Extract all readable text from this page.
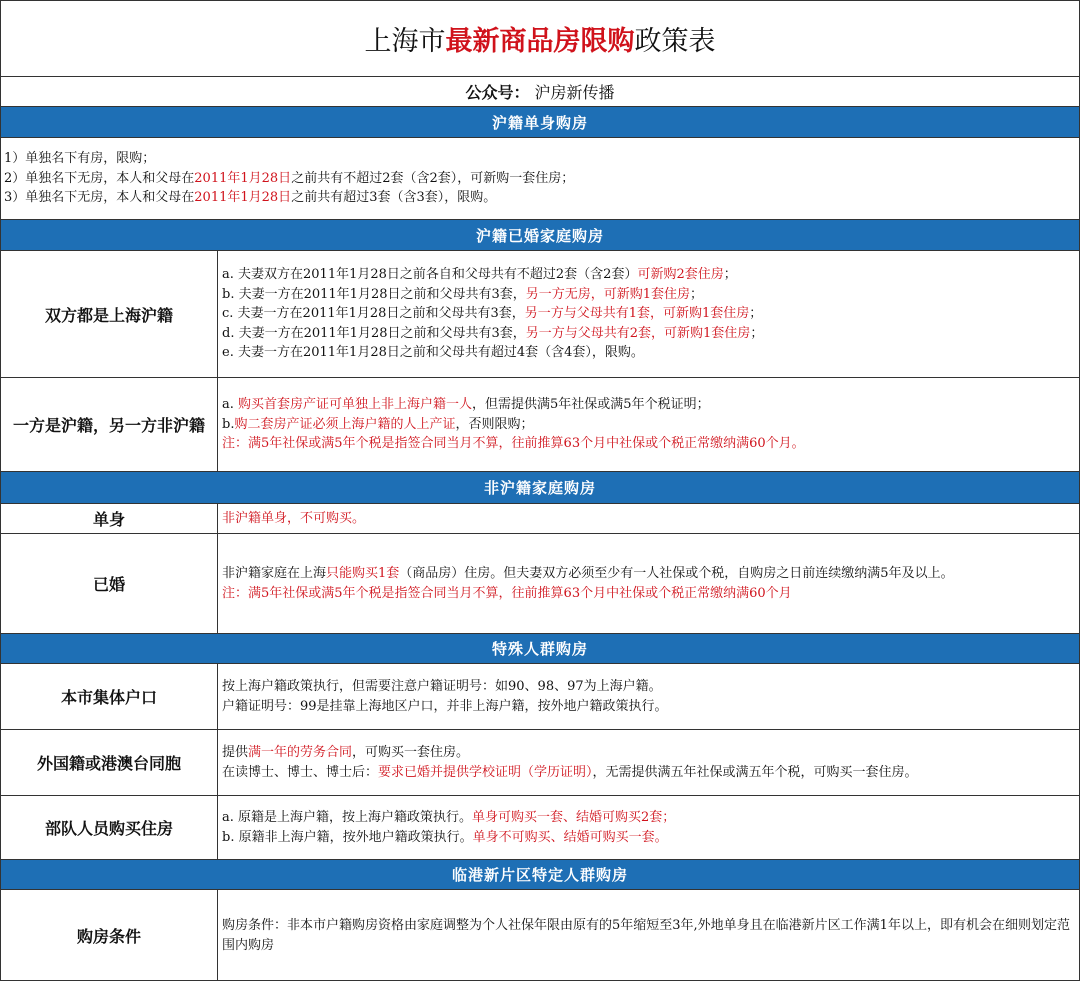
上海市 最新商品房限购 政策表
公众号：
沪房新传播
沪籍单身购房
1）单独名下有房，限购；
2）单独名下无房，本人和父母在2011年1月28日之前共有不超过2套（含2套），可新购一套住房；
3）单独名下无房，本人和父母在2011年1月28日之前共有超过3套（含3套），限购。
沪籍已婚家庭购房
双方都是上海沪籍
a. 夫妻双方在2011年1月28日之前各自和父母共有不超过2套（含2套）可新购2套住房；
b. 夫妻一方在2011年1月28日之前和父母共有3套，另一方无房，可新购1套住房；
c. 夫妻一方在2011年1月28日之前和父母共有3套，另一方与父母共有1套，可新购1套住房；
d. 夫妻一方在2011年1月28日之前和父母共有3套，另一方与父母共有2套，可新购1套住房；
e. 夫妻一方在2011年1月28日之前和父母共有超过4套（含4套），限购。
一方是沪籍，另一方非沪籍
a. 购买首套房产证可单独上非上海户籍一人，但需提供满5年社保或满5年个税证明；
b.购二套房产证必须上海户籍的人上产证，否则限购；
注：满5年社保或满5年个税是指签合同当月不算，往前推算63个月中社保或个税正常缴纳满60个月。
非沪籍家庭购房
单身	非沪籍单身，不可购买。
已婚
非沪籍家庭在上海只能购买1套（商品房）住房。但夫妻双方必须至少有一人社保或个税，自购房之日前连续缴纳满5年及以上。
注：满5年社保或满5年个税是指签合同当月不算，往前推算63个月中社保或个税正常缴纳满60个月
特殊人群购房
本市集体户口
按上海户籍政策执行，但需要注意户籍证明号：如90、98、97为上海户籍。
户籍证明号：99是挂靠上海地区户口，并非上海户籍，按外地户籍政策执行。
外国籍或港澳台同胞
提供满一年的劳务合同，可购买一套住房。
在读博士、博士、博士后：要求已婚并提供学校证明（学历证明），无需提供满五年社保或满五年个税，可购买一套住房。
部队人员购买住房
a. 原籍是上海户籍，按上海户籍政策执行。单身可购买一套、结婚可购买2套；
b. 原籍非上海户籍，按外地户籍政策执行。单身不可购买、结婚可购买一套。
临港新片区特定人群购房
购房条件
购房条件：非本市户籍购房资格由家庭调整为个人社保年限由原有的5年缩短至3年,外地单身且在临港新片区工作满1年以上，即有机会在细则划定范围内购房
